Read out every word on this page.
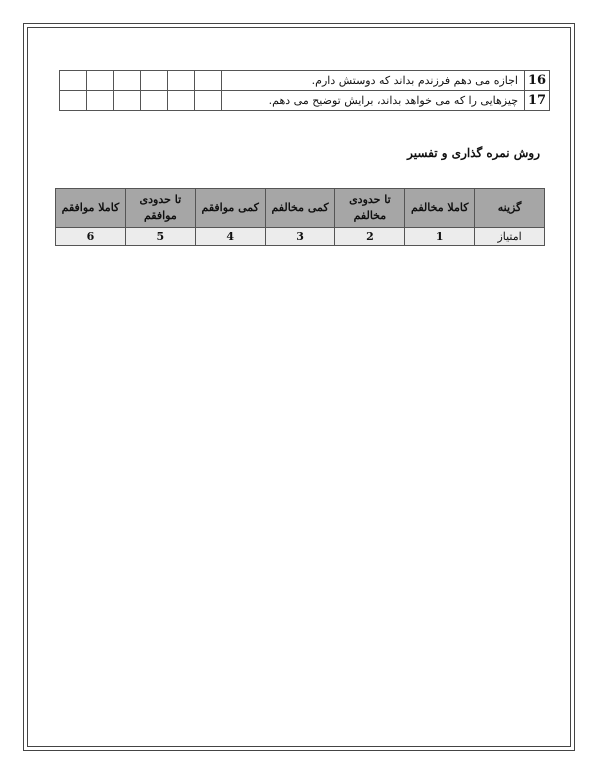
16	اجازه می دهم فرزندم بداند که دوستش دارم.						
17	چیزهایی را که می خواهد بداند، برایش توضیح می دهم.						
روش نمره گذاری و تفسیر
گزینه	کاملا مخالفم	تا حدودی مخالفم	کمی مخالفم	کمی موافقم	تا حدودی موافقم	کاملا موافقم
امتیاز	1	2	3	4	5	6
